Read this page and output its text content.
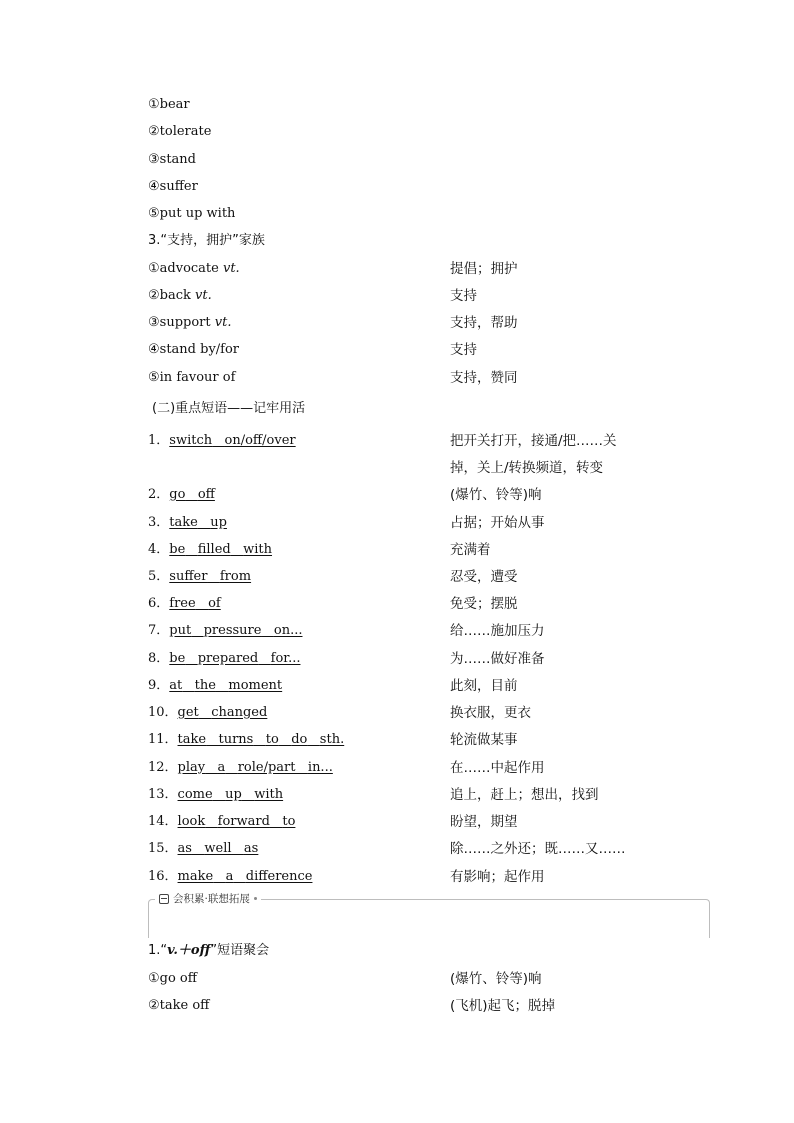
①bear
②tolerate
③stand
④suffer
⑤put up with
3.“支持，拥护”家族
①advocate vt.	提倡；拥护
②back vt.	支持
③support vt.	支持，帮助
④stand by/for	支持
⑤in favour of	支持，赞同
(二)重点短语——记牢用活
1．switch on/off/over	把开关打开，接通/把……关
掉，关上/转换频道，转变
2．go off	(爆竹、铃等)响
3．take up	占据；开始从事
4．be filled with	充满着
5．suffer from	忍受，遭受
6．free of	免受；摆脱
7．put pressure on...	给……施加压力
8．be prepared for...	为……做好准备
9．at the moment	此刻，目前
10．get changed	换衣服，更衣
11．take turns to do sth.	轮流做某事
12．play a role/part in...	在……中起作用
13．come up with	追上，赶上；想出，找到
14．look forward to	盼望，期望
15．as well as	除……之外还；既……又……
16．make a difference	有影响；起作用
会积累·联想拓展
1.“v.＋off”短语聚会
①go off	(爆竹、铃等)响
②take off	(飞机)起飞；脱掉
